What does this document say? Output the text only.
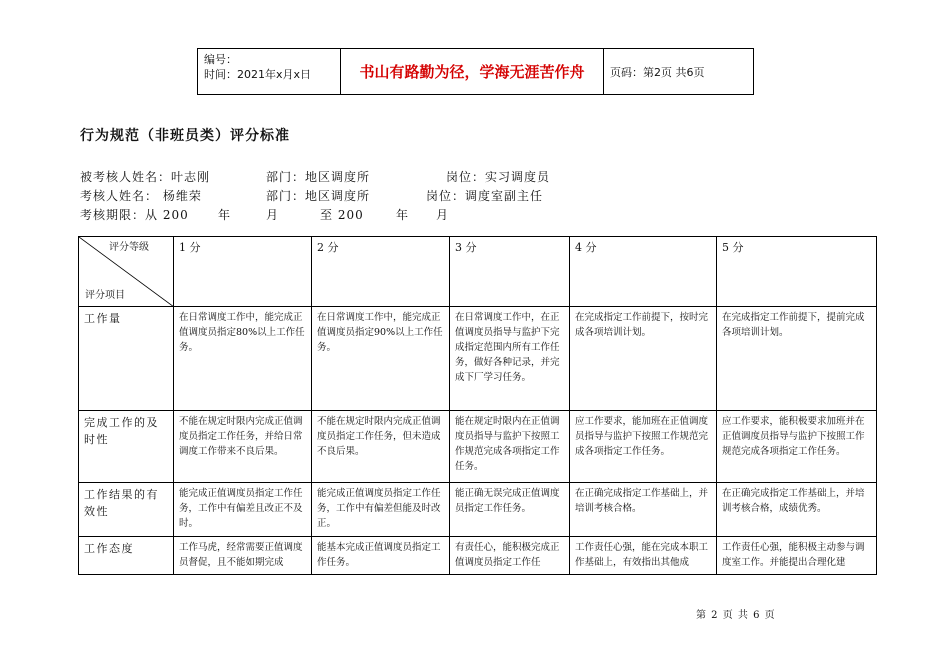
编号：
时间：2021年x月x日	书山有路勤为径，学海无涯苦作舟	页码：第2页 共6页
行为规范（非班员类）评分标准
被考核人姓名：叶志刚	部门：地区调度所	岗位：实习调度员
考核人姓名： 杨维荣	部门：地区调度所	岗位：调度室副主任
考核期限：从 200 年	月	至 200	年 月
评分等级
评分项目	1 分	2 分	3 分	4 分	5 分
工作量	在日常调度工作中，能完成正值调度员指定80%以上工作任务。	在日常调度工作中，能完成正值调度员指定90%以上工作任务。	在日常调度工作中，在正值调度员指导与监护下完成指定范围内所有工作任务，做好各种记录，并完成下厂学习任务。	在完成指定工作前提下，按时完成各项培训计划。	在完成指定工作前提下，提前完成各项培训计划。
完成工作的及时性	不能在规定时限内完成正值调度员指定工作任务，并给日常调度工作带来不良后果。	不能在规定时限内完成正值调度员指定工作任务，但未造成不良后果。	能在规定时限内在正值调度员指导与监护下按照工作规范完成各项指定工作任务。	应工作要求，能加班在正值调度员指导与监护下按照工作规范完成各项指定工作任务。	应工作要求，能积极要求加班并在正值调度员指导与监护下按照工作规范完成各项指定工作任务。
工作结果的有效性	能完成正值调度员指定工作任务，工作中有偏差且改正不及时。	能完成正值调度员指定工作任务，工作中有偏差但能及时改正。	能正确无误完成正值调度员指定工作任务。	在正确完成指定工作基础上，并培训考核合格。	在正确完成指定工作基础上，并培训考核合格，成绩优秀。
工作态度	工作马虎，经常需要正值调度员督促，且不能如期完成	能基本完成正值调度员指定工作任务。	有责任心，能积极完成正值调度员指定工作任	工作责任心强，能在完成本职工作基础上，有效指出其他成	工作责任心强，能积极主动参与调度室工作。并能提出合理化建
第 2 页 共 6 页
